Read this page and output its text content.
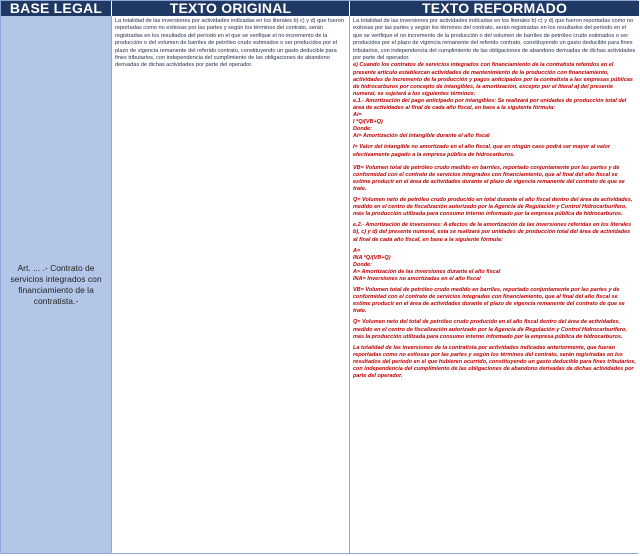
BASE LEGAL	TEXTO ORIGINAL	TEXTO REFORMADO
Art. ... .- Contrato de servicios integrados con financiamiento de la contratista.-

La totalidad de las inversiones por actividades indicadas en los literales b) c) y d) que fueron reportadas como no exitosas por las partes y según los términos del contrato, serán registradas en los resultados del período en el que se verifique el no incremento de la producción o del volumen de barriles de petróleo crudo estimados o ser producidos por el plazo de vigencia remanente del referido contrato, constituyendo un gasto deducible para fines tributarios, con independencia del cumplimiento de las obligaciones de abandono derivadas de dichas actividades por parte del operador.

La totalidad de las inversiones por actividades indicadas en los literales b) c) y d) que fueron reportadas como no exitosas por las partes y según los términos del contrato, serán registradas en los resultados del período en el que se verifique el no incremento de la producción o del volumen de barriles de petróleo crudo estimados o ser producidos por el plazo de vigencia remanente del referido contrato, constituyendo un gasto deducible para fines tributarios, con independencia del cumplimiento de las obligaciones de abandono derivadas de dichas actividades por parte del operador.

e) Cuando los contratos de servicios integrados con financiamiento de la contratista referidos en el presente artículo establezcan actividades de mantenimiento de la producción con financiamiento, actividades de incremento de la producción y pagos anticipados por la contratista a las empresas públicas de hidrocarburos por concepto de intangibles, la amortización, excepto por el literal a) del presente numeral, se sujetará a los siguientes términos:

e.1.- Amortización del pago anticipado por intangibles: Se realizará por unidades de producción total del área de actividades al final de cada año fiscal, en base a la siguiente fórmula:

Ai=

I *Q/(VB+Q)

Donde:

Ai= Amortización del intangible durante el año fiscal

I= Valor del intangible no amortizado en el año fiscal, que en ningún caso podrá ser mayor al valor efectivamente pagado a la empresa pública de hidrocarburos.

VB= Volumen total de petróleo crudo medido en barriles, reportado conjuntamente por las partes y de conformidad con el contrato de servicios integrados con financiamiento, que al final del año fiscal se estime producir en el área de actividades durante el plazo de vigencia remanente del contrato de que se trate.

Q= Volumen neto de petróleo crudo producido en total durante el año fiscal dentro del área de actividades, medido en el centro de fiscalización autorizado por la Agencia de Regulación y Control Hidrocarburífero, más la producción utilizada para consumo interno informado por la empresa pública de hidrocarburos.

e.2.- Amortización de inversiones: A efectos de la amortización de las inversiones referidas en los literales b), c) y d) del presente numeral, esta se realizará por unidades de producción total del área de actividades al final de cada año fiscal, en base a la siguiente fórmula:

A=

INA *Q/(VB+Q)

Donde:

A= Amortización de las inversiones durante el año fiscal

INA= Inversiones no amortizadas en el año fiscal

VB= Volumen total de petróleo crudo medido en barriles, reportado conjuntamente por las partes y de conformidad con el contrato de servicios integrados con financiamiento, que al final del año fiscal se estime producir en el área de actividades durante el plazo de vigencia remanente del contrato de que se trate.

Q= Volumen neto del total de petróleo crudo producido en el año fiscal dentro del área de actividades, medido en el centro de fiscalización autorizado por la Agencia de Regulación y Control Hidrocarburífero, más la producción utilizada para consumo interno informado por la empresa pública de hidrocarburos.

La totalidad de las inversiones de la contratista por actividades indicadas anteriormente, que fueran reportadas como no exitosas por las partes y según los términos del contrato, serán registradas en los resultados del período en el que hubieren ocurrido, constituyendo un gasto deducible para fines tributarios, con independencia del cumplimiento de las obligaciones de abandono derivadas de dichas actividades por parte del operador.
